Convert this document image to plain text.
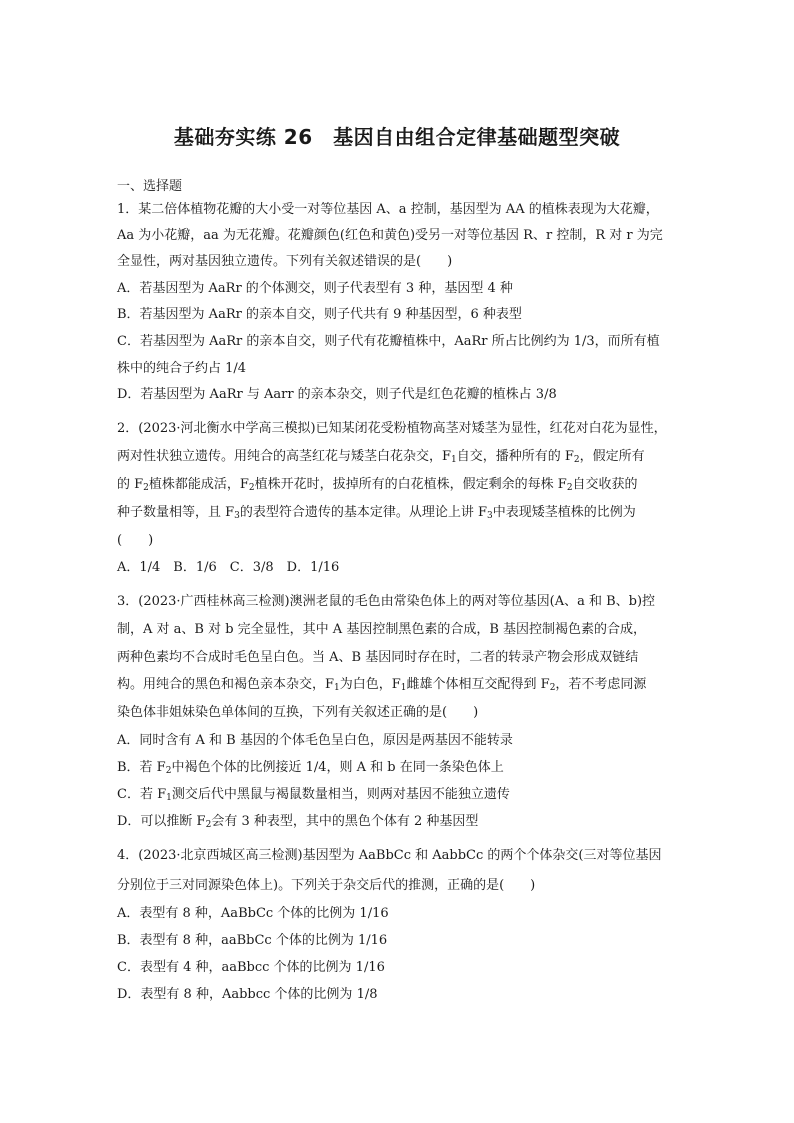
基础夯实练 26　基因自由组合定律基础题型突破
一、选择题
1．某二倍体植物花瓣的大小受一对等位基因 A、a 控制，基因型为 AA 的植株表现为大花瓣，
Aa 为小花瓣，aa 为无花瓣。花瓣颜色(红色和黄色)受另一对等位基因 R、r 控制，R 对 r 为完
全显性，两对基因独立遗传。下列有关叙述错误的是(　　)
A．若基因型为 AaRr 的个体测交，则子代表型有 3 种，基因型 4 种
B．若基因型为 AaRr 的亲本自交，则子代共有 9 种基因型，6 种表型
C．若基因型为 AaRr 的亲本自交，则子代有花瓣植株中，AaRr 所占比例约为 1/3，而所有植
株中的纯合子约占 1/4
D．若基因型为 AaRr 与 Aarr 的亲本杂交，则子代是红色花瓣的植株占 3/8
2．(2023·河北衡水中学高三模拟)已知某闭花受粉植物高茎对矮茎为显性，红花对白花为显性，
两对性状独立遗传。用纯合的高茎红花与矮茎白花杂交，$F_1$自交，播种所有的 $F_2$，假定所有
的 $F_2$植株都能成活，$F_2$植株开花时，拔掉所有的白花植株，假定剩余的每株 $F_2$自交收获的
种子数量相等，且 $F_3$的表型符合遗传的基本定律。从理论上讲 $F_3$中表现矮茎植株的比例为
(　　)
A．1/4　B．1/6　C．3/8　D．1/16
3．(2023·广西桂林高三检测)澳洲老鼠的毛色由常染色体上的两对等位基因(A、a 和 B、b)控
制，A 对 a、B 对 b 完全显性，其中 A 基因控制黑色素的合成，B 基因控制褐色素的合成，
两种色素均不合成时毛色呈白色。当 A、B 基因同时存在时，二者的转录产物会形成双链结
构。用纯合的黑色和褐色亲本杂交，$F_1$为白色，$F_1$雌雄个体相互交配得到 $F_2$，若不考虑同源
染色体非姐妹染色单体间的互换，下列有关叙述正确的是(　　)
A．同时含有 A 和 B 基因的个体毛色呈白色，原因是两基因不能转录
B．若 $F_2$中褐色个体的比例接近 1/4，则 A 和 b 在同一条染色体上
C．若 $F_1$测交后代中黑鼠与褐鼠数量相当，则两对基因不能独立遗传
D．可以推断 $F_2$会有 3 种表型，其中的黑色个体有 2 种基因型
4．(2023·北京西城区高三检测)基因型为 AaBbCc 和 AabbCc 的两个个体杂交(三对等位基因
分别位于三对同源染色体上)。下列关于杂交后代的推测，正确的是(　　)
A．表型有 8 种，AaBbCc 个体的比例为 1/16
B．表型有 8 种，aaBbCc 个体的比例为 1/16
C．表型有 4 种，aaBbcc 个体的比例为 1/16
D．表型有 8 种，Aabbcc 个体的比例为 1/8
